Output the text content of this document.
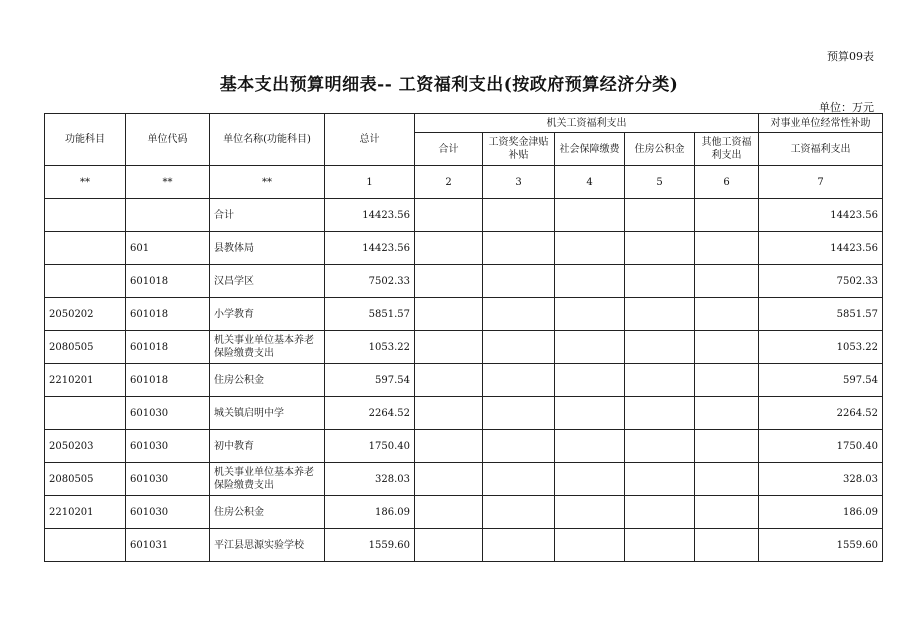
预算09表
基本支出预算明细表-- 工资福利支出(按政府预算经济分类)
单位：万元
功能科目	单位代码	单位名称(功能科目)	总计	机关工资福利支出					对事业单位经常性补助
				合计	工资奖金津贴补贴	社会保障缴费	住房公积金	其他工资福利支出	工资福利支出
**	**	**	1	2	3	4	5	6	7
		合计	14423.56						14423.56
	601	县教体局	14423.56						14423.56
	601018	汉昌学区	7502.33						7502.33
2050202	601018	小学教育	5851.57						5851.57
2080505	601018	机关事业单位基本养老保险缴费支出	1053.22						1053.22
2210201	601018	住房公积金	597.54						597.54
	601030	城关镇启明中学	2264.52						2264.52
2050203	601030	初中教育	1750.40						1750.40
2080505	601030	机关事业单位基本养老保险缴费支出	328.03						328.03
2210201	601030	住房公积金	186.09						186.09
	601031	平江县思源实验学校	1559.60						1559.60
